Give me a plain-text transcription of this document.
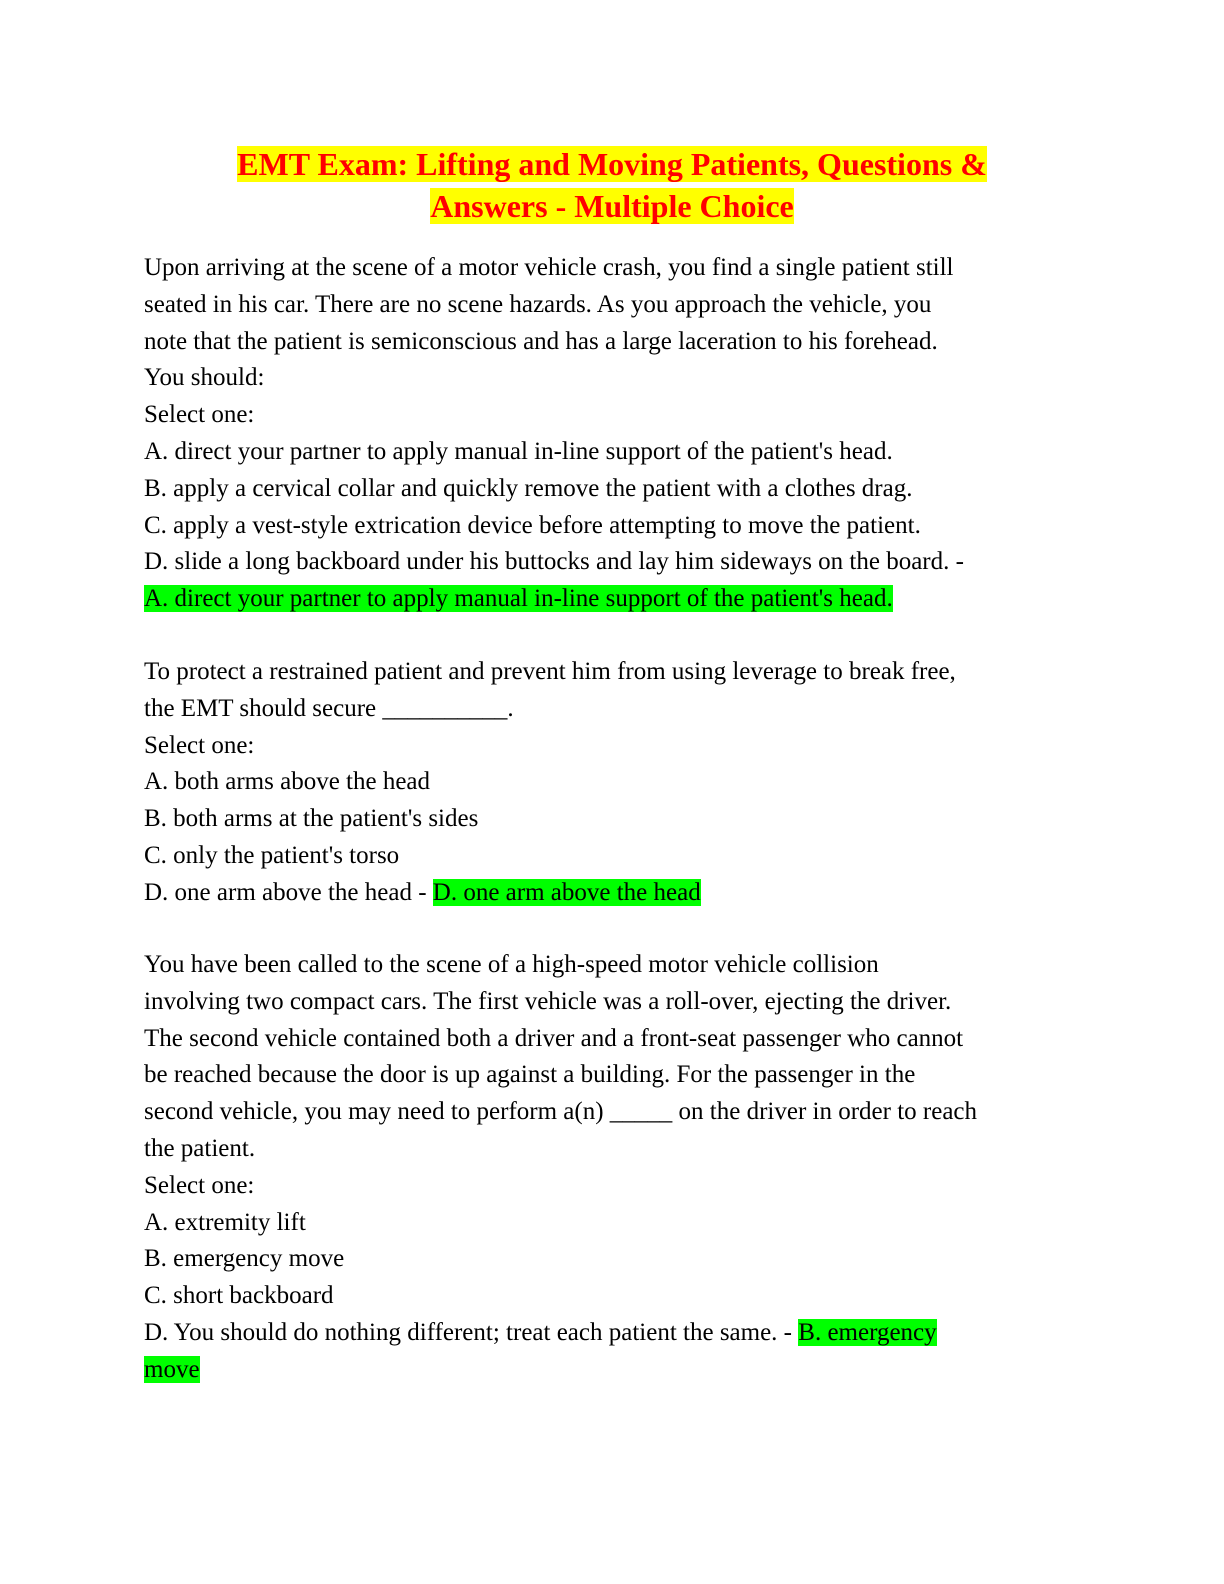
EMT Exam: Lifting and Moving Patients, Questions &
Answers - Multiple Choice
Upon arriving at the scene of a motor vehicle crash, you find a single patient still
seated in his car. There are no scene hazards. As you approach the vehicle, you
note that the patient is semiconscious and has a large laceration to his forehead.
You should:
Select one:
A. direct your partner to apply manual in-line support of the patient's head.
B. apply a cervical collar and quickly remove the patient with a clothes drag.
C. apply a vest-style extrication device before attempting to move the patient.
D. slide a long backboard under his buttocks and lay him sideways on the board. -
A. direct your partner to apply manual in-line support of the patient's head.
To protect a restrained patient and prevent him from using leverage to break free,
the EMT should secure __________.
Select one:
A. both arms above the head
B. both arms at the patient's sides
C. only the patient's torso
D. one arm above the head - D. one arm above the head
You have been called to the scene of a high-speed motor vehicle collision
involving two compact cars. The first vehicle was a roll-over, ejecting the driver.
The second vehicle contained both a driver and a front-seat passenger who cannot
be reached because the door is up against a building. For the passenger in the
second vehicle, you may need to perform a(n) _____ on the driver in order to reach
the patient.
Select one:
A. extremity lift
B. emergency move
C. short backboard
D. You should do nothing different; treat each patient the same. - B. emergency
move
